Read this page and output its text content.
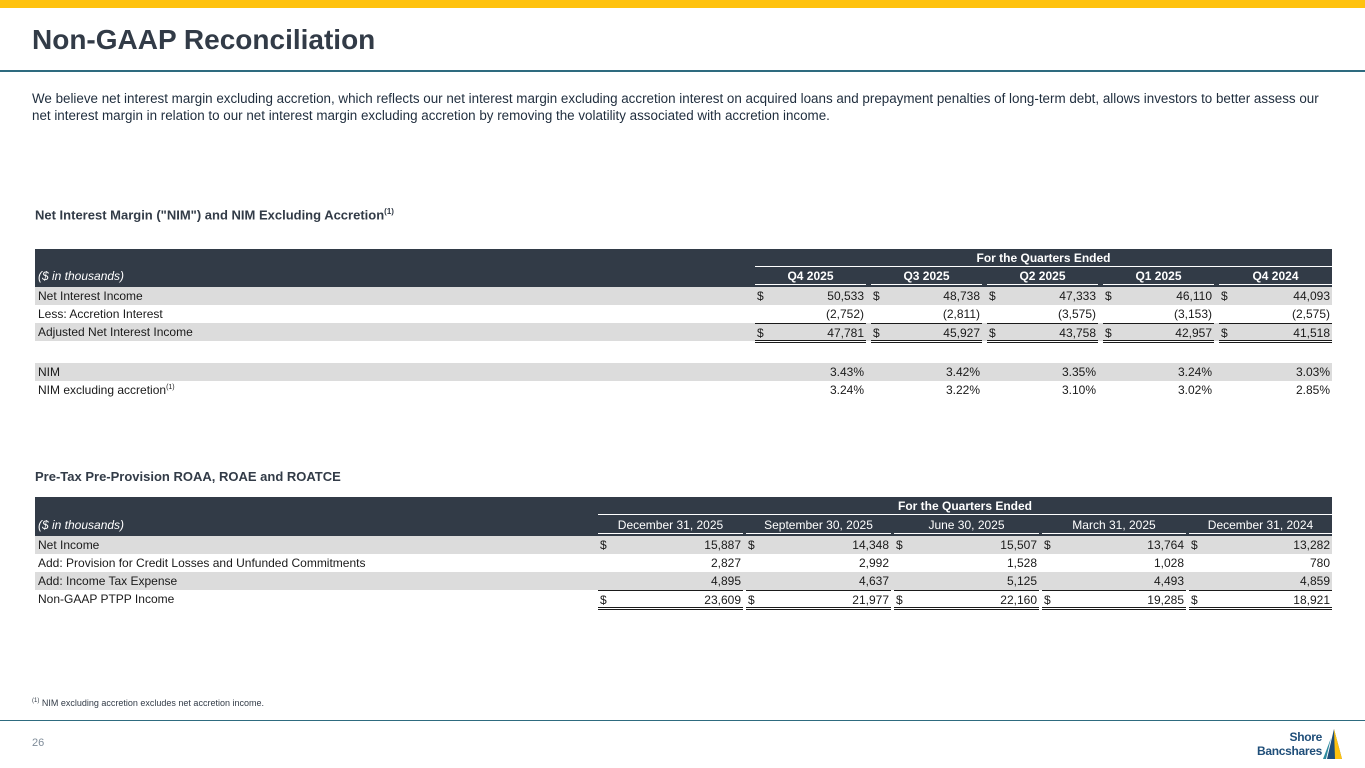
Non-GAAP Reconciliation
We believe net interest margin excluding accretion, which reflects our net interest margin excluding accretion interest on acquired loans and prepayment penalties of long-term debt, allows investors to better assess our net interest margin in relation to our net interest margin excluding accretion by removing the volatility associated with accretion income.
Net Interest Margin ("NIM") and NIM Excluding Accretion$^{(1)}$
For the Quarters Ended
($ in thousands)	Q4 2025	Q3 2025	Q2 2025	Q1 2025	Q4 2024
Net Interest Income	$	50,533 $	48,738 $	47,333 $	46,110 $	44,093
Less: Accretion Interest	(2,752)	(2,811)	(3,575)	(3,153)	(2,575)
Adjusted Net Interest Income	$	47,781 $	45,927 $	43,758 $	42,957 $	41,518
NIM	3.43%	3.42%	3.35%	3.24%	3.03%
NIM excluding accretion$^{(1)}$	3.24%	3.22%	3.10%	3.02%	2.85%
Pre-Tax Pre-Provision ROAA, ROAE and ROATCE
For the Quarters Ended
($ in thousands)	December 31, 2025	September 30, 2025	June 30, 2025	March 31, 2025	December 31, 2024
Net Income	$	15,887 $	14,348 $	15,507 $	13,764 $	13,282
Add: Provision for Credit Losses and Unfunded Commitments	2,827	2,992	1,528	1,028	780
Add: Income Tax Expense	4,895	4,637	5,125	4,493	4,859
Non-GAAP PTPP Income	$	23,609 $	21,977 $	22,160 $	19,285 $	18,921
$^{(1)}$ NIM excluding accretion excludes net accretion income.
26	Shore
Bancshares
